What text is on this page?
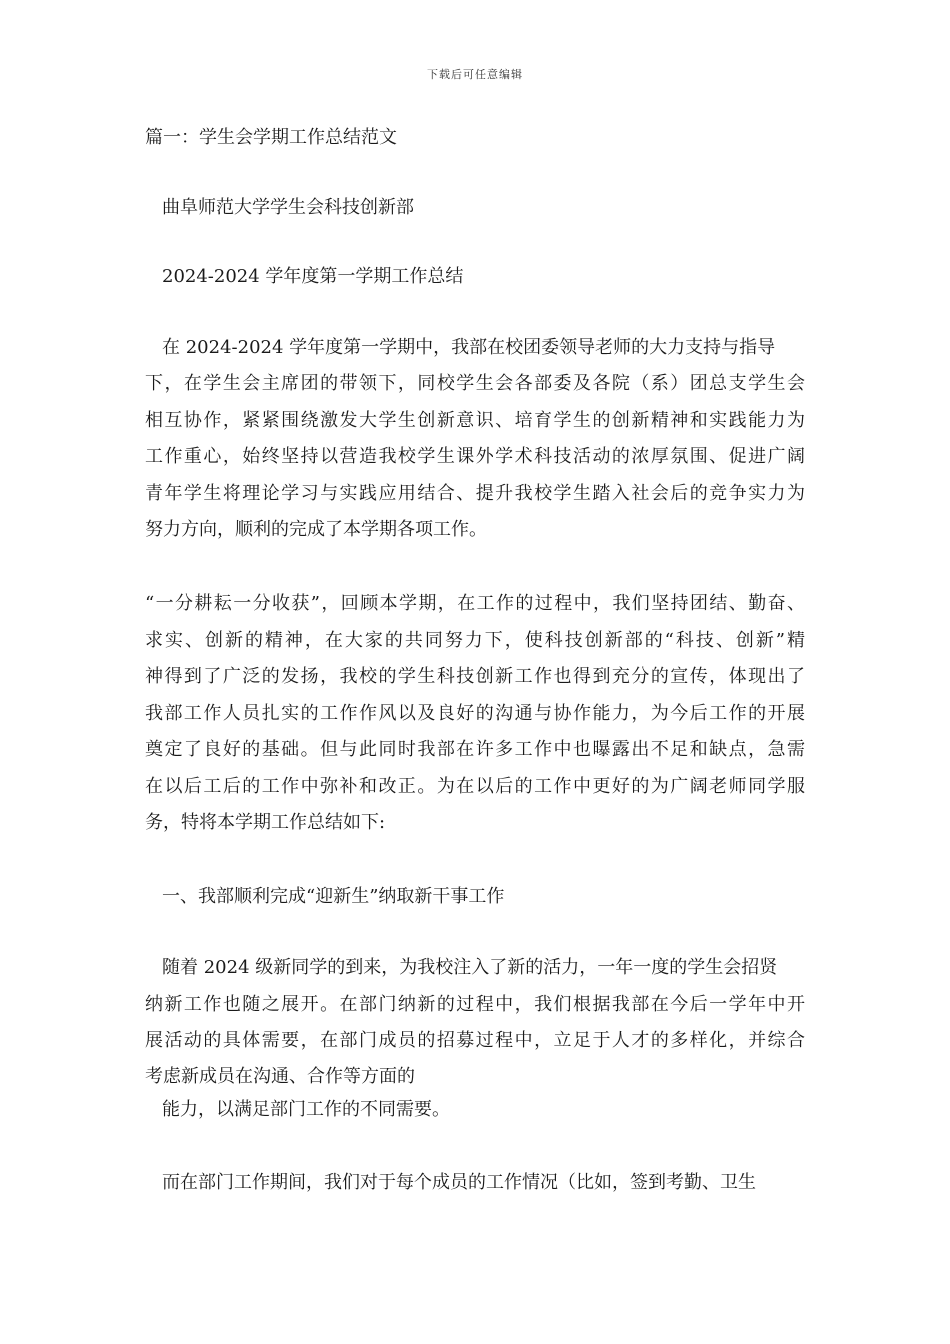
下载后可任意编辑
篇一：学生会学期工作总结范文
曲阜师范大学学生会科技创新部
2024-2024 学年度第一学期工作总结
在 2024-2024 学年度第一学期中，我部在校团委领导老师的大力支持与指导
下，在学生会主席团的带领下，同校学生会各部委及各院（系）团总支学生会
相互协作，紧紧围绕激发大学生创新意识、培育学生的创新精神和实践能力为
工作重心，始终坚持以营造我校学生课外学术科技活动的浓厚氛围、促进广阔
青年学生将理论学习与实践应用结合、提升我校学生踏入社会后的竞争实力为
努力方向，顺利的完成了本学期各项工作。
“一分耕耘一分收获”，回顾本学期，在工作的过程中，我们坚持团结、勤奋、
求实、创新的精神，在大家的共同努力下，使科技创新部的“科技、创新”精
神得到了广泛的发扬，我校的学生科技创新工作也得到充分的宣传，体现出了
我部工作人员扎实的工作作风以及良好的沟通与协作能力，为今后工作的开展
奠定了良好的基础。但与此同时我部在许多工作中也曝露出不足和缺点，急需
在以后工后的工作中弥补和改正。为在以后的工作中更好的为广阔老师同学服
务，特将本学期工作总结如下:
一、我部顺利完成“迎新生”纳取新干事工作
随着 2024 级新同学的到来，为我校注入了新的活力，一年一度的学生会招贤
纳新工作也随之展开。在部门纳新的过程中，我们根据我部在今后一学年中开
展活动的具体需要，在部门成员的招募过程中，立足于人才的多样化，并综合
考虑新成员在沟通、合作等方面的
能力，以满足部门工作的不同需要。
而在部门工作期间，我们对于每个成员的工作情况（比如，签到考勤、卫生
